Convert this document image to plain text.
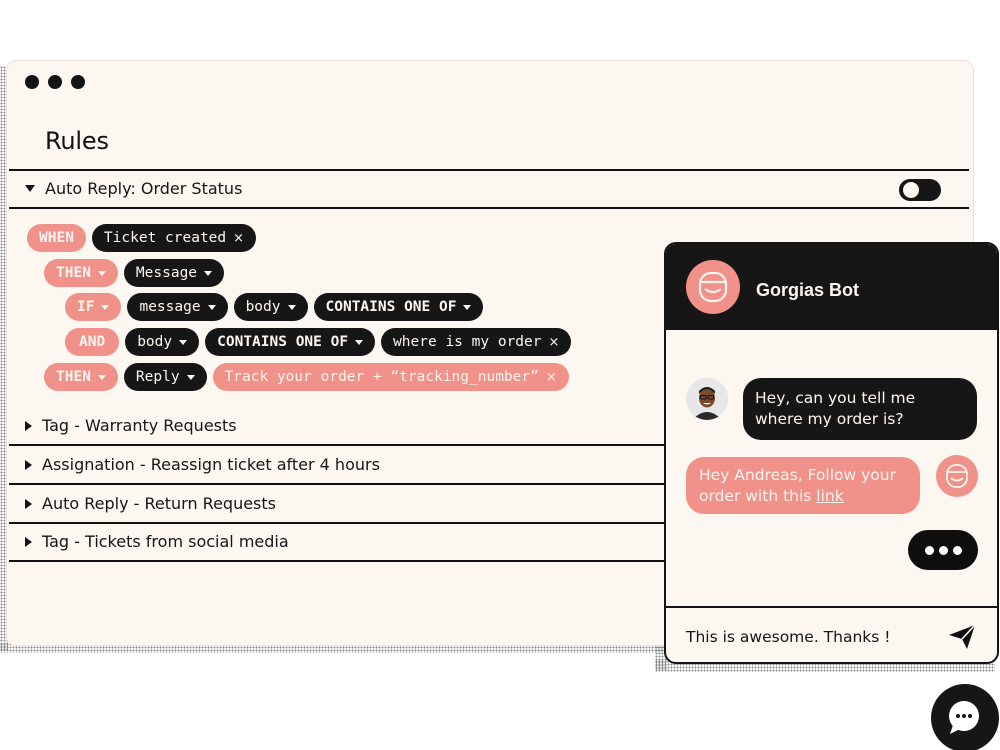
Rules
Auto Reply: Order Status
WHEN	Ticket created ×
THEN	Message
IF	message	body	CONTAINS ONE OF
AND	body	CONTAINS ONE OF	where is my order ×
THEN	Reply	Track your order + “tracking_number” ×
Tag - Warranty Requests
Assignation - Reassign ticket after 4 hours
Auto Reply - Return Requests
Tag - Tickets from social media
Gorgias Bot
Hey, can you tell me where my order is?
Hey Andreas, Follow your order with this link
This is awesome. Thanks !
